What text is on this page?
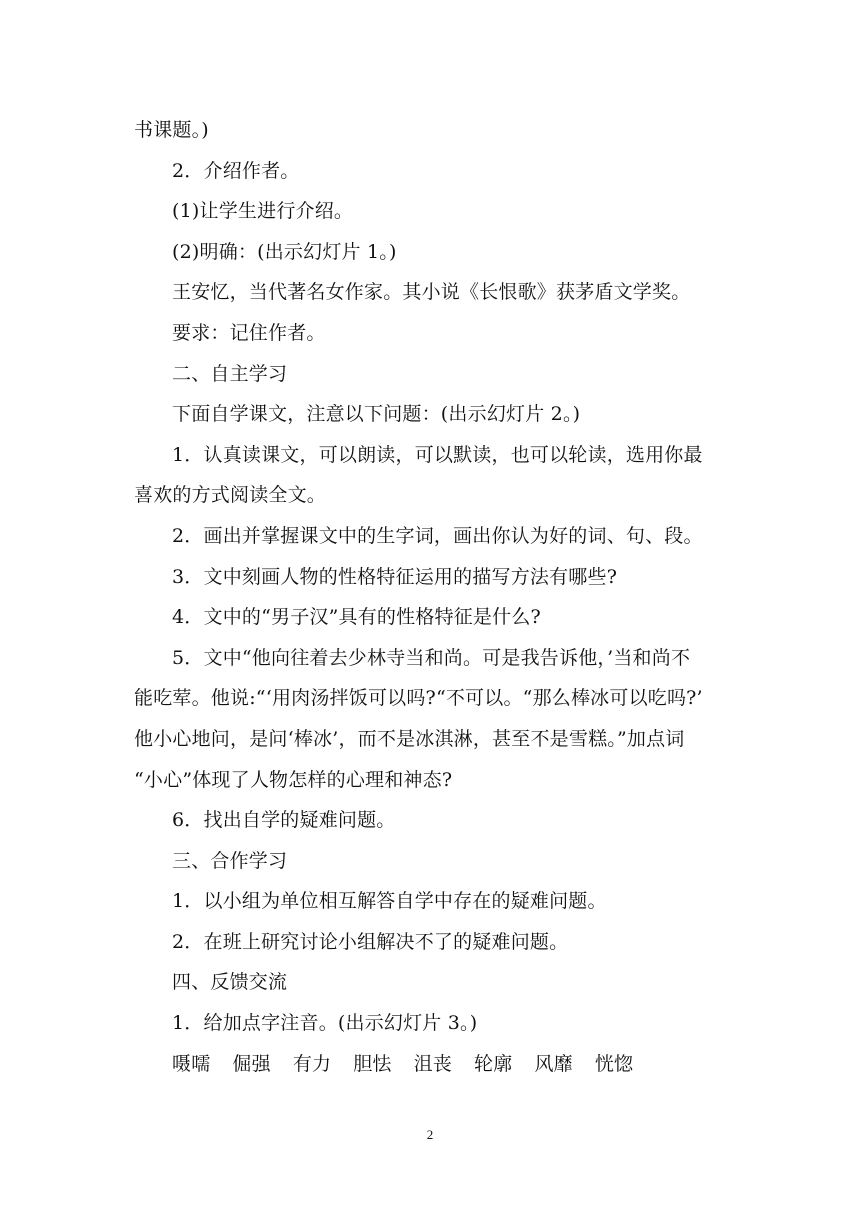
书课题。)
2．介绍作者。
(1)让学生进行介绍。
(2)明确：(出示幻灯片 1。)
王安忆，当代著名女作家。其小说《长恨歌》获茅盾文学奖。
要求：记住作者。
二、自主学习
下面自学课文，注意以下问题：(出示幻灯片 2。)
1．认真读课文，可以朗读，可以默读，也可以轮读，选用你最
喜欢的方式阅读全文。
2．画出并掌握课文中的生字词，画出你认为好的词、句、段。
3．文中刻画人物的性格特征运用的描写方法有哪些?
4．文中的“男子汉”具有的性格特征是什么?
5．文中“他向往着去少林寺当和尚。可是我告诉他，’当和尚不
能吃荤。他说:“‘用肉汤拌饭可以吗?“不可以。“那么棒冰可以吃吗?’
他小心地问，是问‘棒冰’，而不是冰淇淋，甚至不是雪糕。”加点词
“小心”体现了人物怎样的心理和神态?
6．找出自学的疑难问题。
三、合作学习
1．以小组为单位相互解答自学中存在的疑难问题。
2．在班上研究讨论小组解决不了的疑难问题。
四、反馈交流
1．给加点字注音。(出示幻灯片 3。)
嗫嚅 倔强 有力 胆怯 沮丧 轮廓 风靡 恍惚
2
